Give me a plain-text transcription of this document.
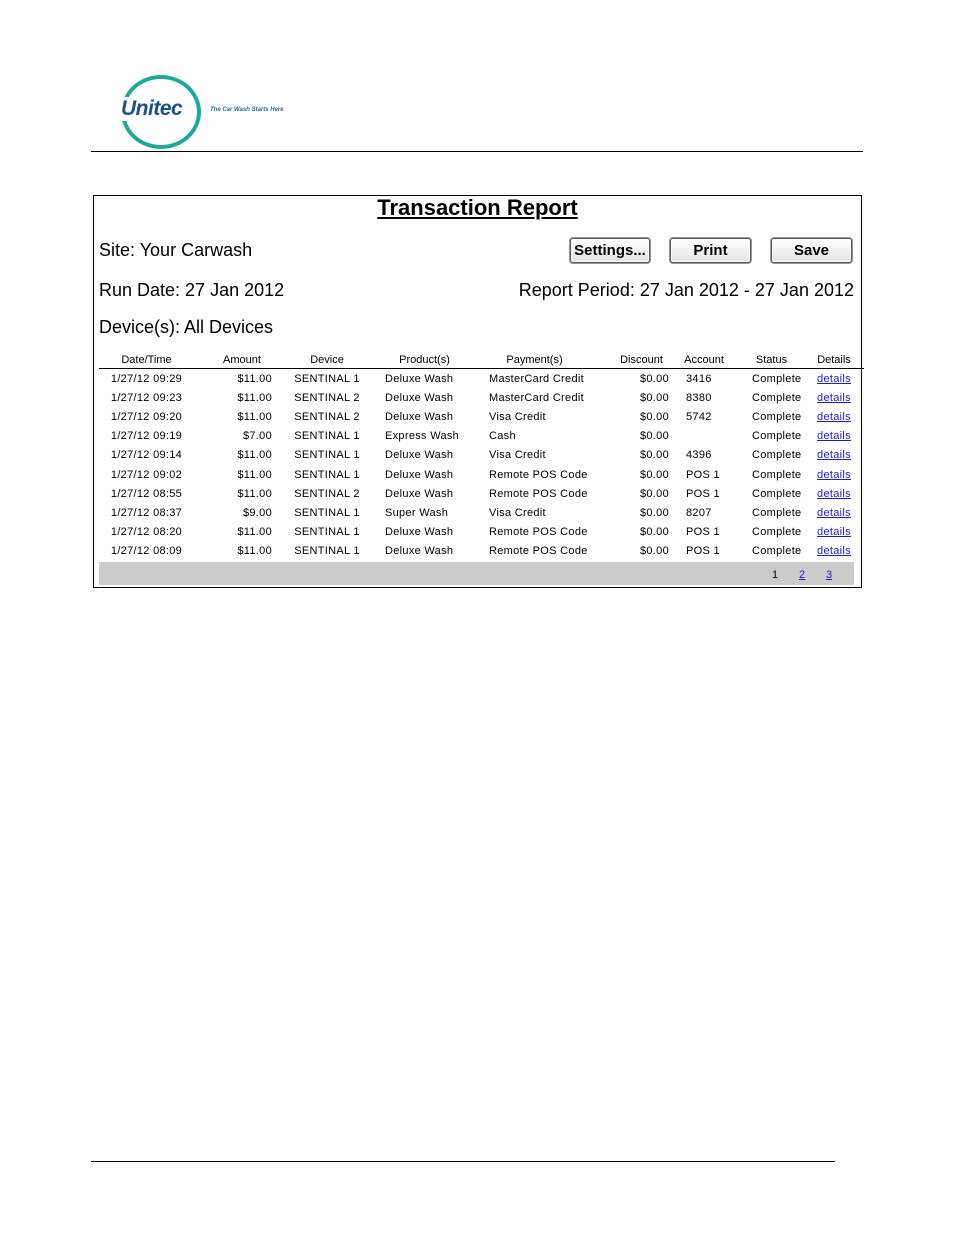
Unitec	The Car Wash Starts Here
Transaction Report
Site: Your Carwash	Settings...	Print	Save
Run Date: 27 Jan 2012	Report Period: 27 Jan 2012 - 27 Jan 2012
Device(s): All Devices
Date/Time	Amount	Device	Product(s)	Payment(s)	Discount	Account	Status	Details
1/27/12 09:29	$11.00	SENTINAL 1	Deluxe Wash	MasterCard Credit	$0.00	3416	Complete	details
1/27/12 09:23	$11.00	SENTINAL 2	Deluxe Wash	MasterCard Credit	$0.00	8380	Complete	details
1/27/12 09:20	$11.00	SENTINAL 2	Deluxe Wash	Visa Credit	$0.00	5742	Complete	details
1/27/12 09:19	$7.00	SENTINAL 1	Express Wash	Cash	$0.00		Complete	details
1/27/12 09:14	$11.00	SENTINAL 1	Deluxe Wash	Visa Credit	$0.00	4396	Complete	details
1/27/12 09:02	$11.00	SENTINAL 1	Deluxe Wash	Remote POS Code	$0.00	POS 1	Complete	details
1/27/12 08:55	$11.00	SENTINAL 2	Deluxe Wash	Remote POS Code	$0.00	POS 1	Complete	details
1/27/12 08:37	$9.00	SENTINAL 1	Super Wash	Visa Credit	$0.00	8207	Complete	details
1/27/12 08:20	$11.00	SENTINAL 1	Deluxe Wash	Remote POS Code	$0.00	POS 1	Complete	details
1/27/12 08:09	$11.00	SENTINAL 1	Deluxe Wash	Remote POS Code	$0.00	POS 1	Complete	details
1 2 3
